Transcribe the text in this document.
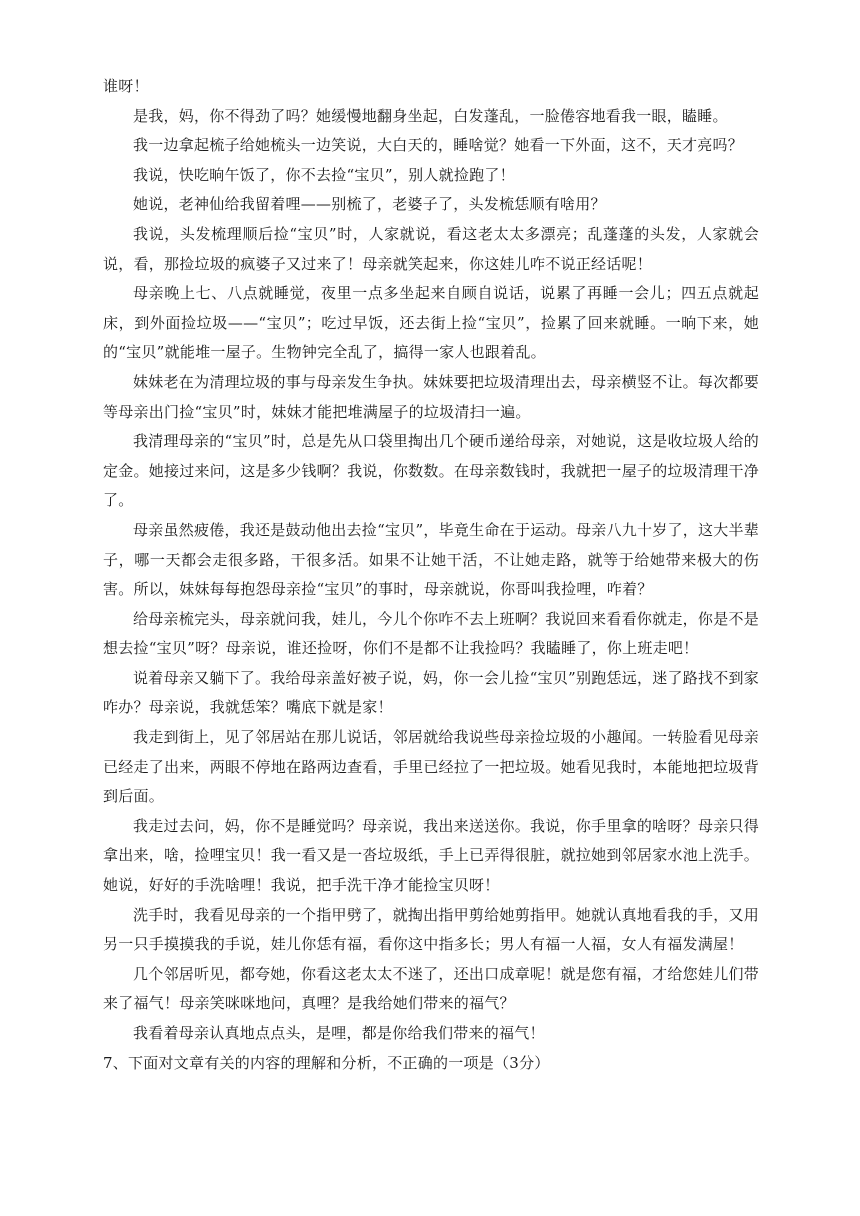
谁呀！

是我，妈，你不得劲了吗？她缓慢地翻身坐起，白发蓬乱，一脸倦容地看我一眼，瞌睡。

我一边拿起梳子给她梳头一边笑说，大白天的，睡啥觉？她看一下外面，这不，天才亮吗？

我说，快吃晌午饭了，你不去捡“宝贝”，别人就捡跑了！

她说，老神仙给我留着哩——别梳了，老婆子了，头发梳恁顺有啥用？

我说，头发梳理顺后捡“宝贝”时，人家就说，看这老太太多漂亮；乱蓬蓬的头发，人家就会说，看，那捡垃圾的疯婆子又过来了！母亲就笑起来，你这娃儿咋不说正经话呢！

母亲晚上七、八点就睡觉，夜里一点多坐起来自顾自说话，说累了再睡一会儿；四五点就起床，到外面捡垃圾——“宝贝”；吃过早饭，还去街上捡“宝贝”，捡累了回来就睡。一晌下来，她的“宝贝”就能堆一屋子。生物钟完全乱了，搞得一家人也跟着乱。

妹妹老在为清理垃圾的事与母亲发生争执。妹妹要把垃圾清理出去，母亲横竖不让。每次都要等母亲出门捡“宝贝”时，妹妹才能把堆满屋子的垃圾清扫一遍。

我清理母亲的“宝贝”时，总是先从口袋里掏出几个硬币递给母亲，对她说，这是收垃圾人给的定金。她接过来问，这是多少钱啊？我说，你数数。在母亲数钱时，我就把一屋子的垃圾清理干净了。

母亲虽然疲倦，我还是鼓动他出去捡“宝贝”，毕竟生命在于运动。母亲八九十岁了，这大半辈子，哪一天都会走很多路，干很多活。如果不让她干活，不让她走路，就等于给她带来极大的伤害。所以，妹妹每每抱怨母亲捡“宝贝”的事时，母亲就说，你哥叫我捡哩，咋着？

给母亲梳完头，母亲就问我，娃儿，今儿个你咋不去上班啊？我说回来看看你就走，你是不是想去捡“宝贝”呀？母亲说，谁还捡呀，你们不是都不让我捡吗？我瞌睡了，你上班走吧！

说着母亲又躺下了。我给母亲盖好被子说，妈，你一会儿捡“宝贝”别跑恁远，迷了路找不到家咋办？母亲说，我就恁笨？嘴底下就是家！

我走到街上，见了邻居站在那儿说话，邻居就给我说些母亲捡垃圾的小趣闻。一转脸看见母亲已经走了出来，两眼不停地在路两边查看，手里已经拉了一把垃圾。她看见我时，本能地把垃圾背到后面。

我走过去问，妈，你不是睡觉吗？母亲说，我出来送送你。我说，你手里拿的啥呀？母亲只得拿出来，啥，捡哩宝贝！我一看又是一沓垃圾纸，手上已弄得很脏，就拉她到邻居家水池上洗手。她说，好好的手洗啥哩！我说，把手洗干净才能捡宝贝呀！

洗手时，我看见母亲的一个指甲劈了，就掏出指甲剪给她剪指甲。她就认真地看我的手，又用另一只手摸摸我的手说，娃儿你恁有福，看你这中指多长；男人有福一人福，女人有福发满屋！

几个邻居听见，都夸她，你看这老太太不迷了，还出口成章呢！就是您有福，才给您娃儿们带来了福气！母亲笑咪咪地问，真哩？是我给她们带来的福气？

我看着母亲认真地点点头，是哩，都是你给我们带来的福气！

7、下面对文章有关的内容的理解和分析，不正确的一项是（3分）
